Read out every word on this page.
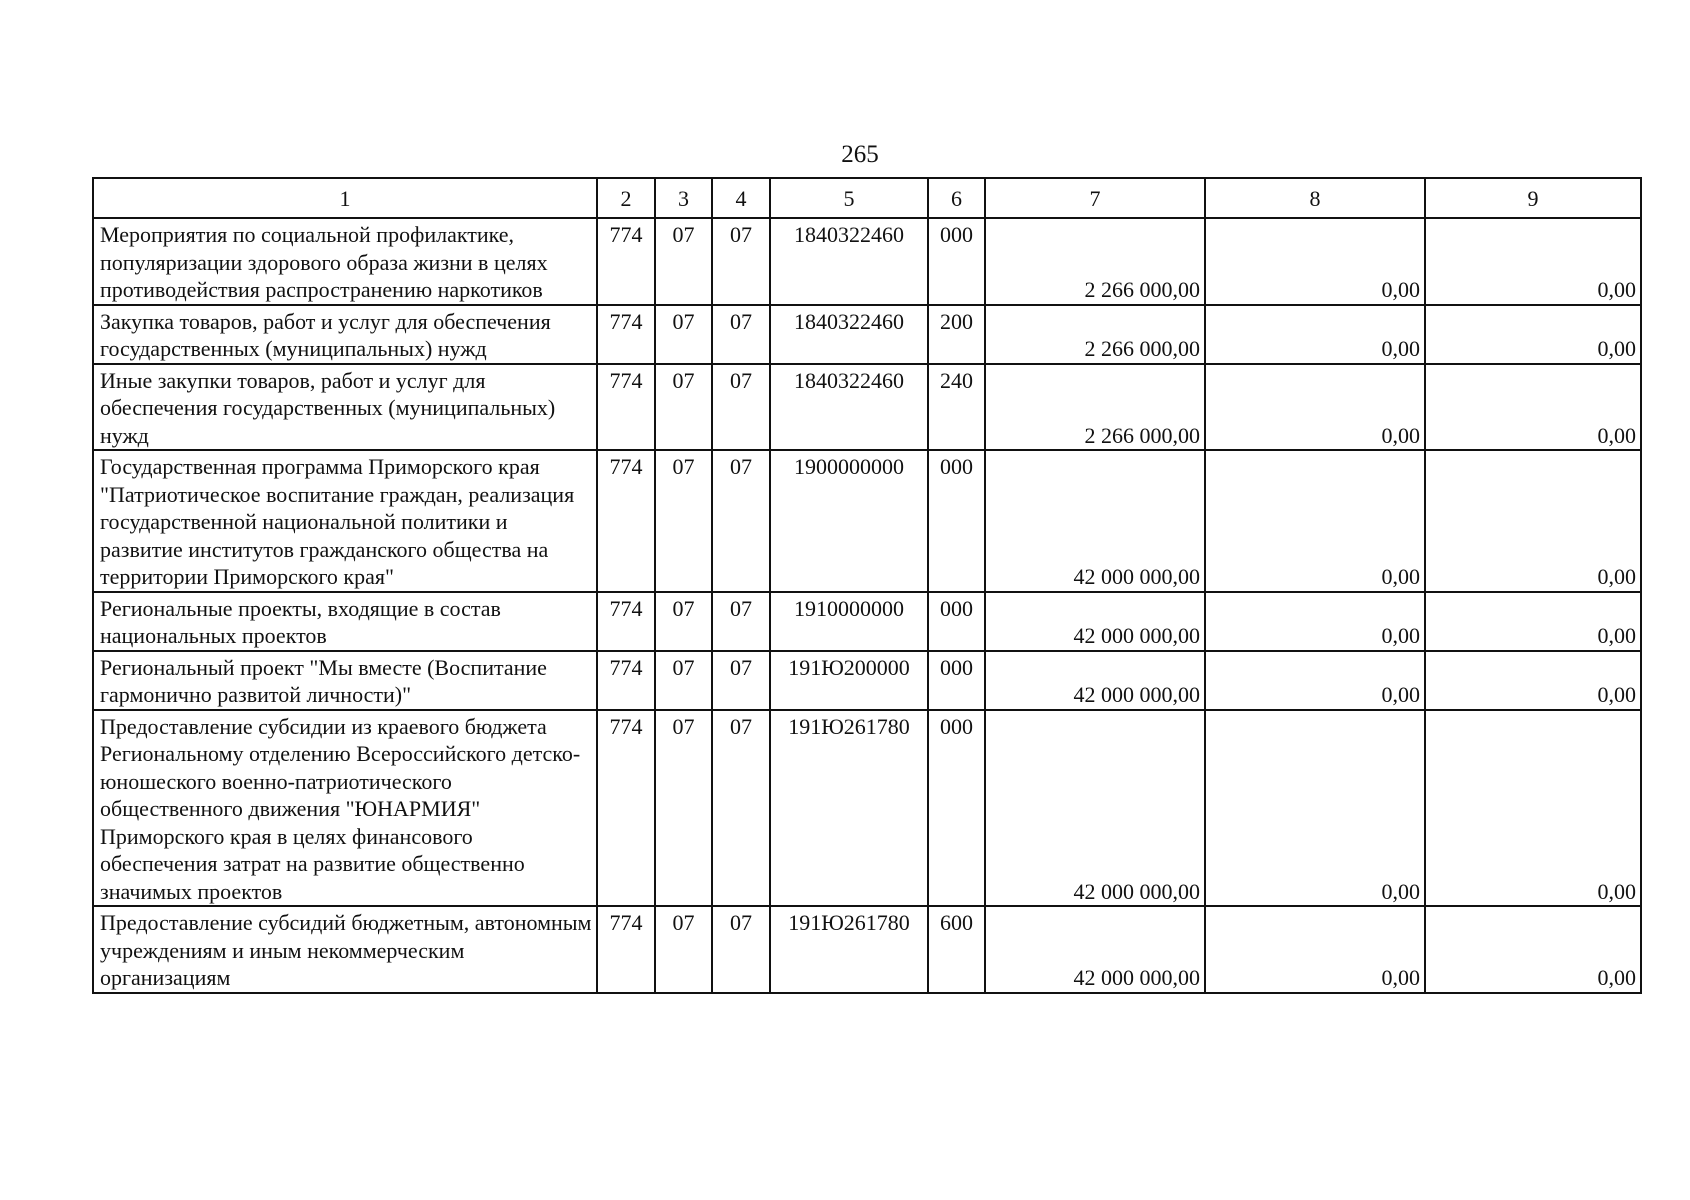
265
1	2	3	4	5	6	7	8	9
Мероприятия по социальной профилактике, популяризации здорового образа жизни в целях противодействия распространению наркотиков	774	07	07	1840322460	000	2 266 000,00	0,00	0,00
Закупка товаров, работ и услуг для обеспечения государственных (муниципальных) нужд	774	07	07	1840322460	200	2 266 000,00	0,00	0,00
Иные закупки товаров, работ и услуг для обеспечения государственных (муниципальных) нужд	774	07	07	1840322460	240	2 266 000,00	0,00	0,00
Государственная программа Приморского края "Патриотическое воспитание граждан, реализация государственной национальной политики и развитие институтов гражданского общества на территории Приморского края"	774	07	07	1900000000	000	42 000 000,00	0,00	0,00
Региональные проекты, входящие в состав национальных проектов	774	07	07	1910000000	000	42 000 000,00	0,00	0,00
Региональный проект "Мы вместе (Воспитание гармонично развитой личности)"	774	07	07	191Ю200000	000	42 000 000,00	0,00	0,00
Предоставление субсидии из краевого бюджета Региональному отделению Всероссийского детско-юношеского военно-патриотического общественного движения "ЮНАРМИЯ" Приморского края в целях финансового обеспечения затрат на развитие общественно значимых проектов	774	07	07	191Ю261780	000	42 000 000,00	0,00	0,00
Предоставление субсидий бюджетным, автономным учреждениям и иным некоммерческим организациям	774	07	07	191Ю261780	600	42 000 000,00	0,00	0,00
